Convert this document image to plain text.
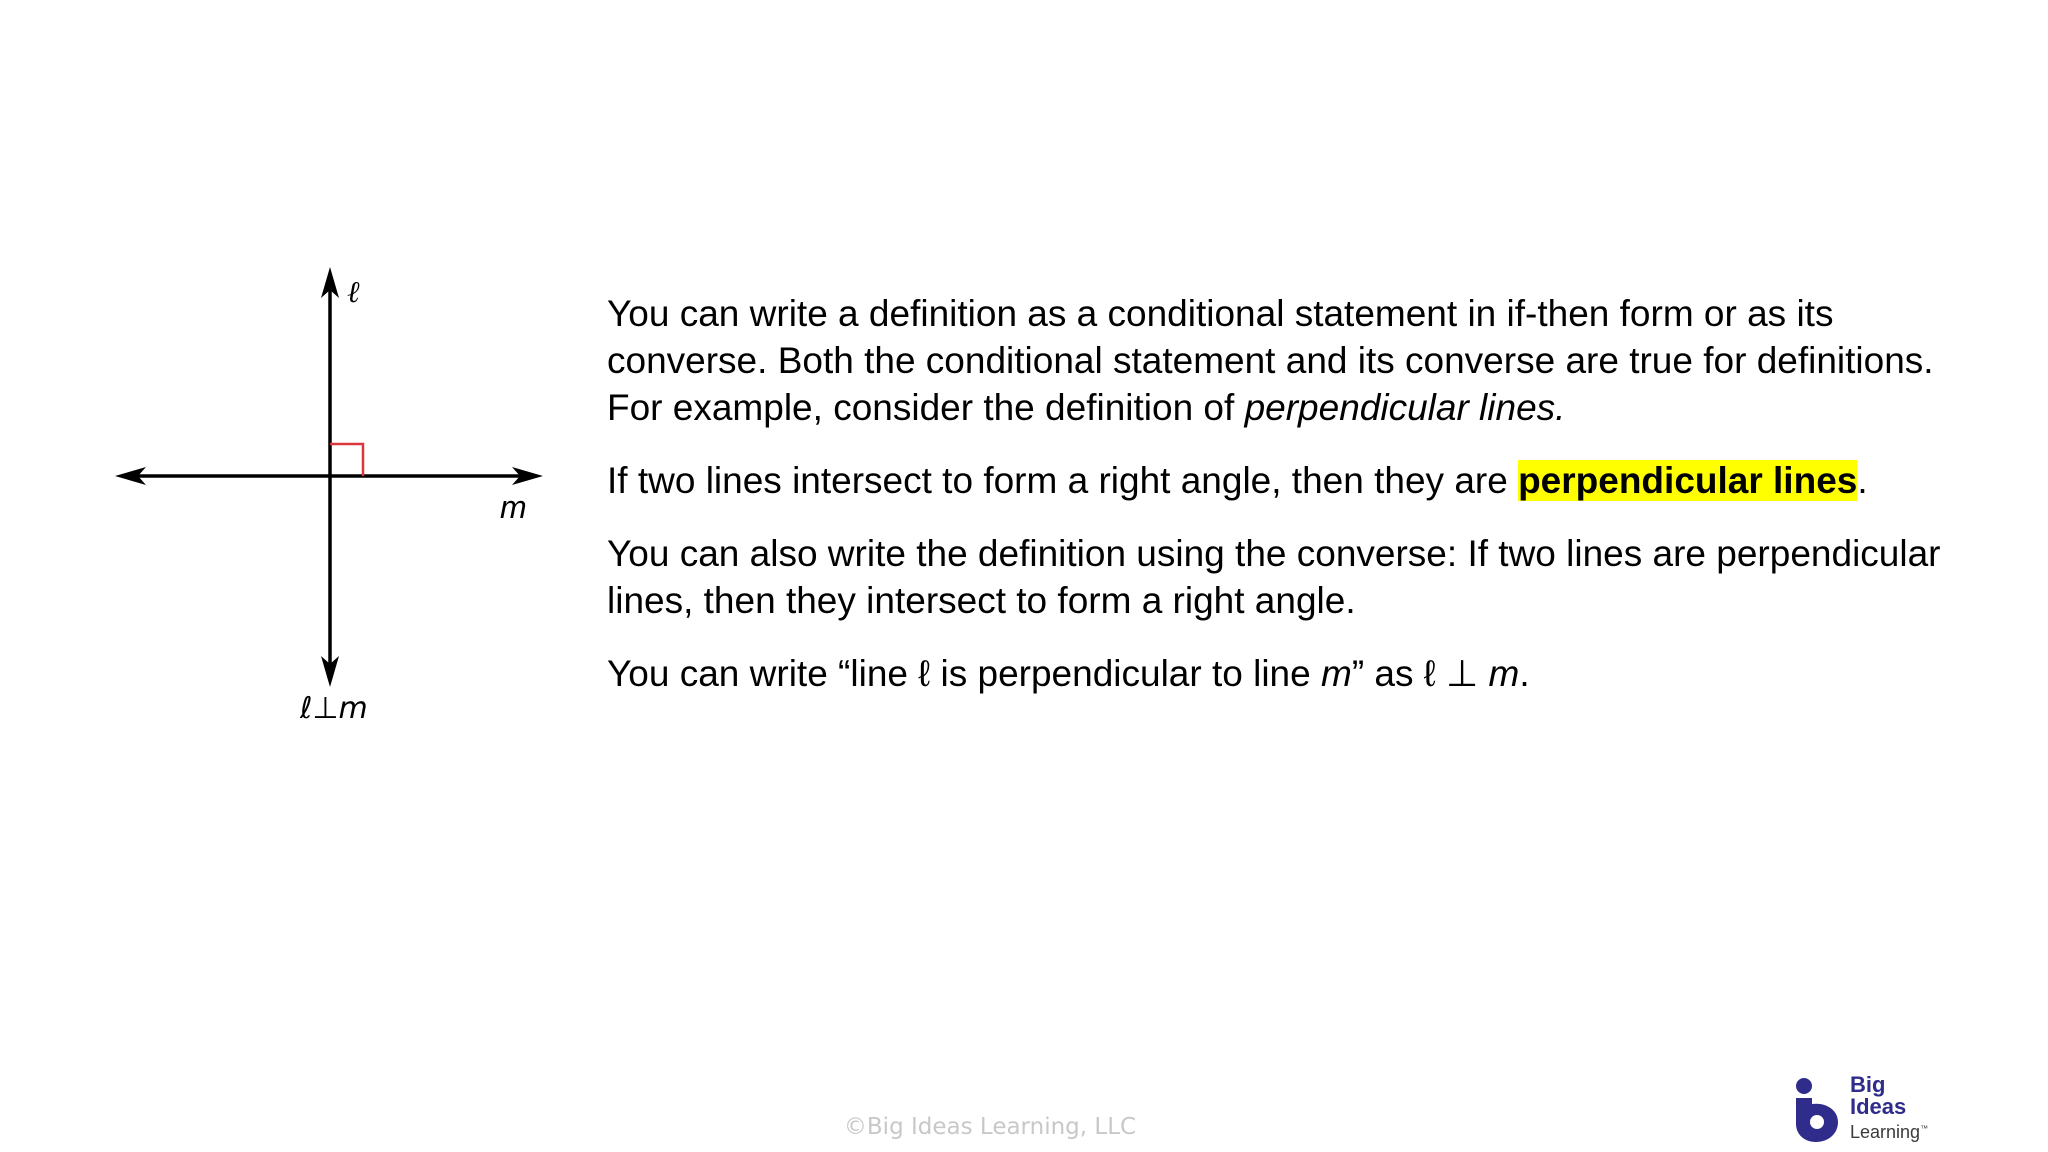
ℓ
m
ℓ⊥m

You can write a definition as a conditional statement in if-then form or as its converse. Both the conditional statement and its converse are true for definitions. For example, consider the definition of perpendicular lines.

If two lines intersect to form a right angle, then they are perpendicular lines.

You can also write the definition using the converse: If two lines are perpendicular lines, then they intersect to form a right angle.

You can write “line ℓ is perpendicular to line m” as ℓ ⊥ m.

©Big Ideas Learning, LLC
Big
Ideas
Learning™
